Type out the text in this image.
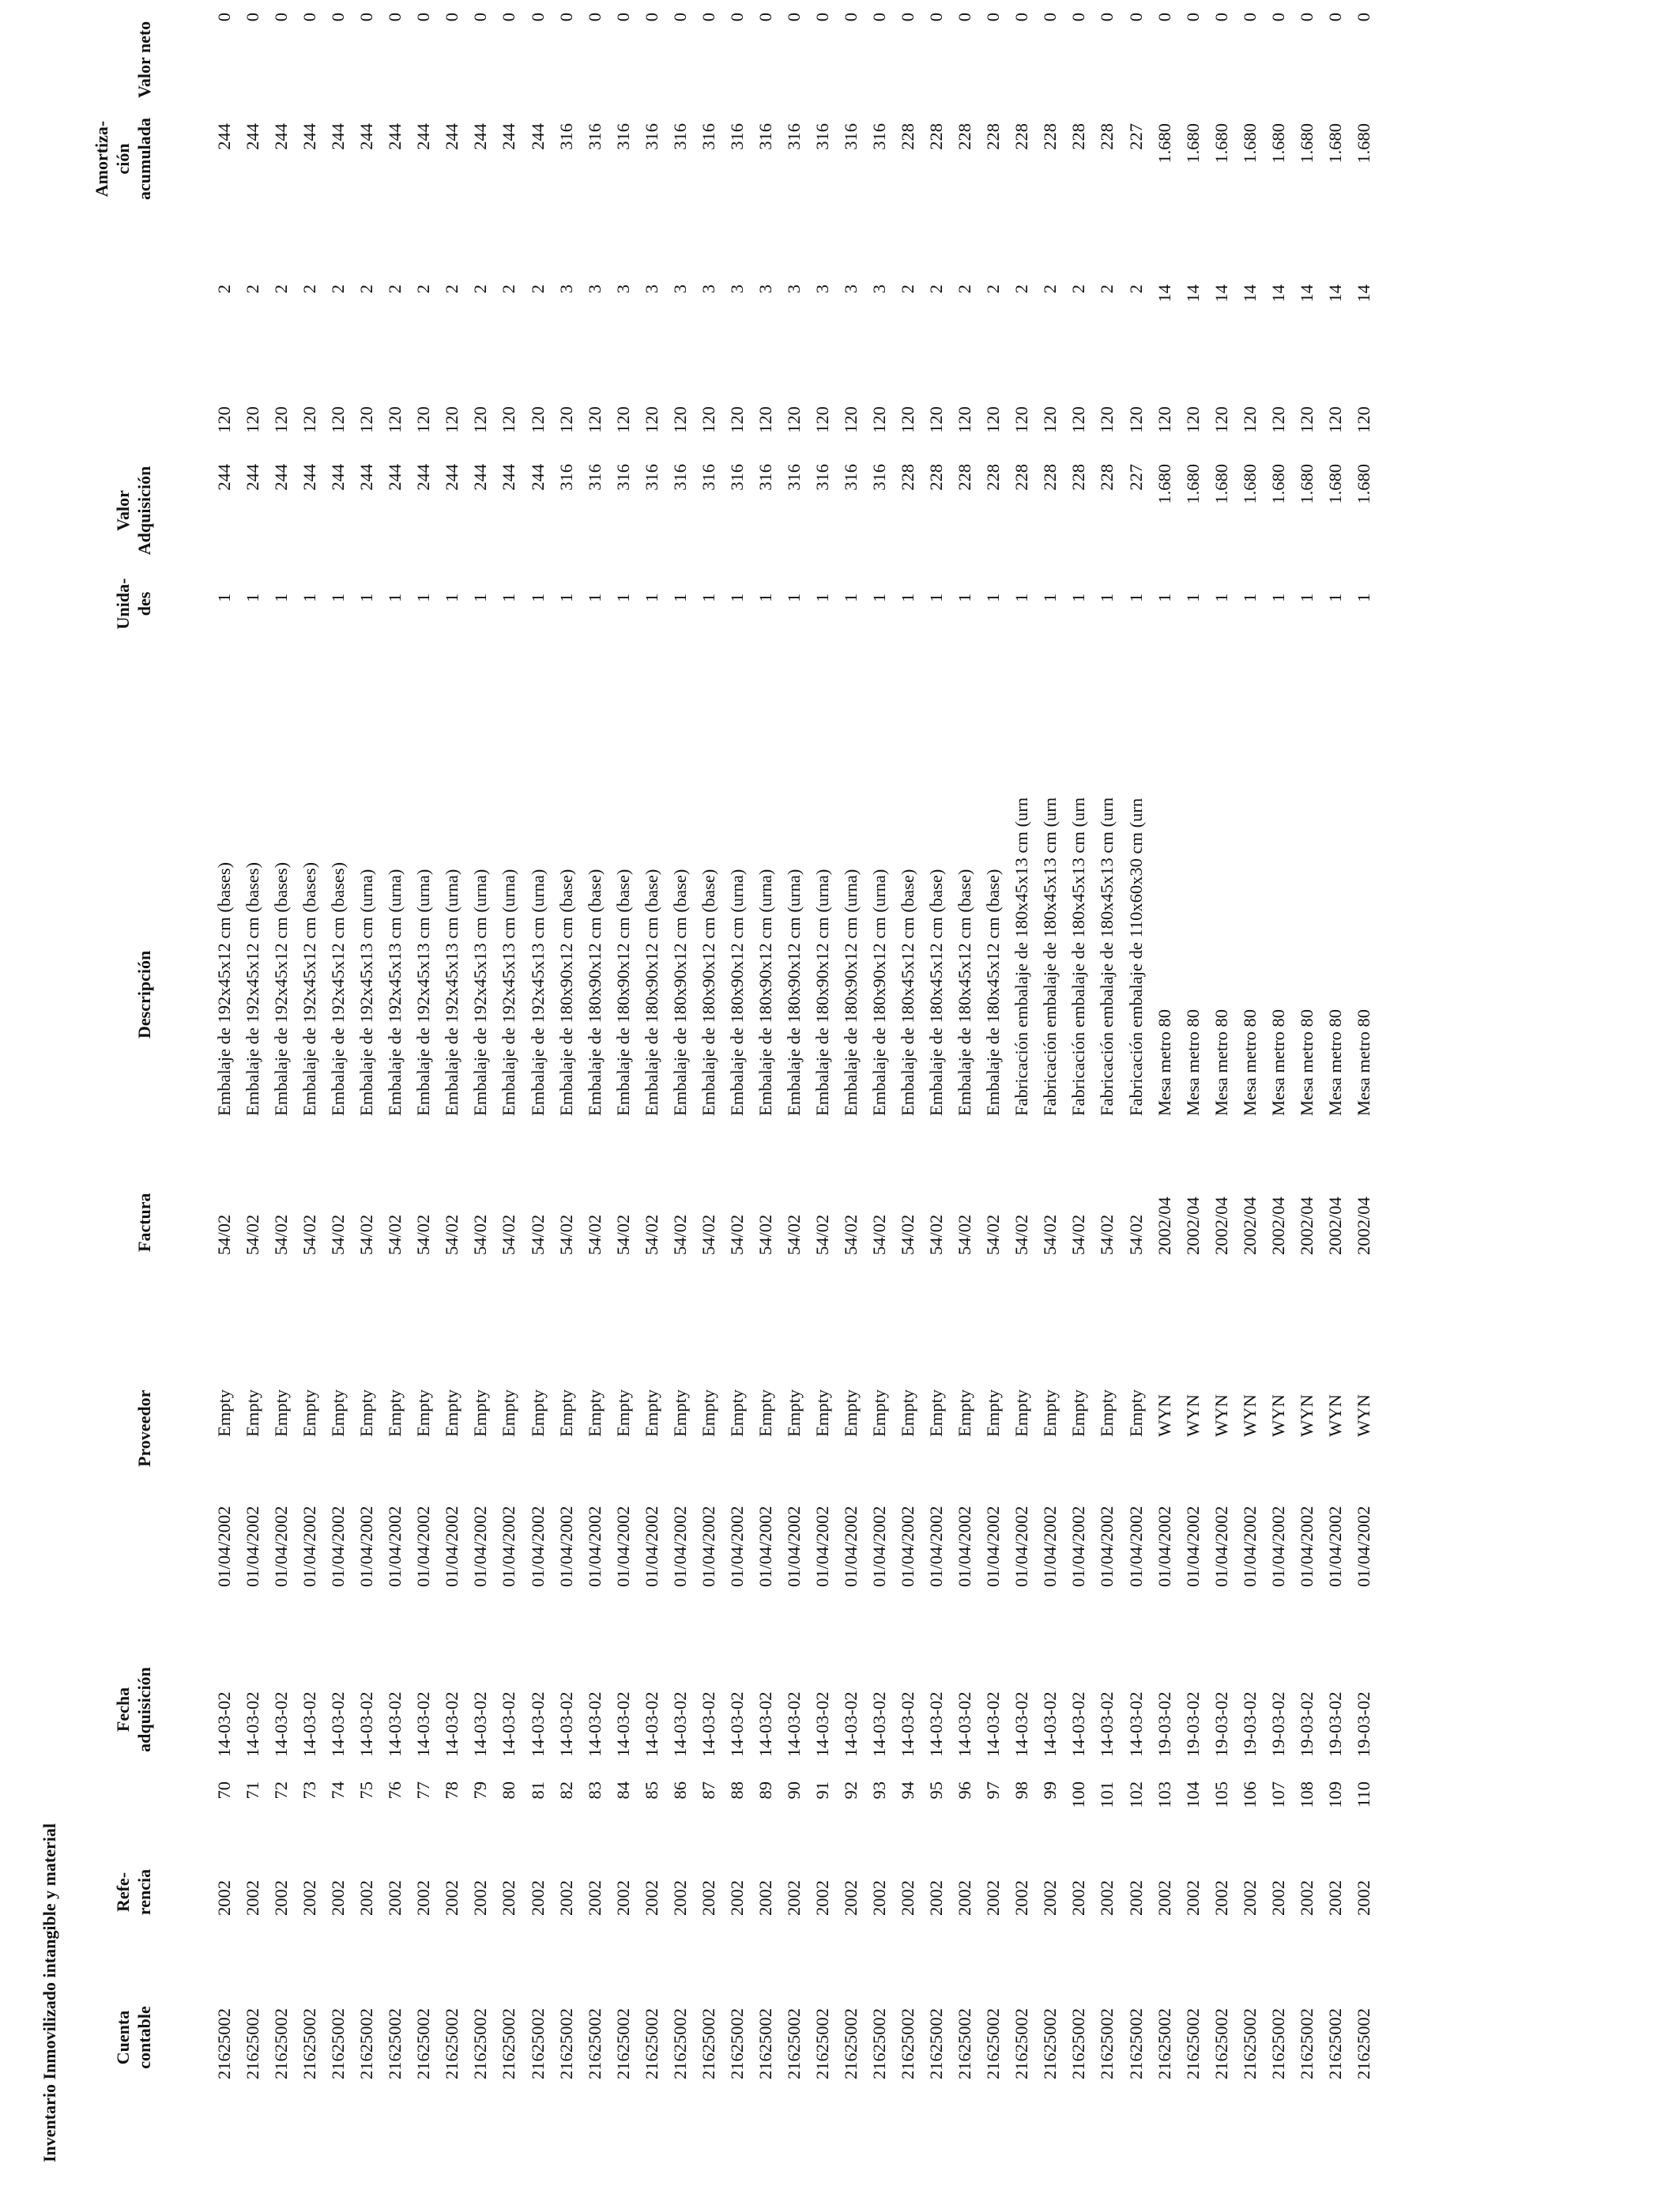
Inventario Inmovilizado intangible y material	Cuenta contable
Refe- rencia
Fecha adquisición
Proveedor
Factura
Descripción
Unida- des
Valor Adquisición
Amortiza- ción acumulada
Valor neto
21625002
2002
70
14-03-02
01/04/2002
Empty
54/02
Embalaje de 192x45x12 cm (bases)
1
244
120
2
244
0
21625002
2002
71
14-03-02
01/04/2002
Empty
54/02
Embalaje de 192x45x12 cm (bases)
1
244
120
2
244
0
21625002
2002
72
14-03-02
01/04/2002
Empty
54/02
Embalaje de 192x45x12 cm (bases)
1
244
120
2
244
0
21625002
2002
73
14-03-02
01/04/2002
Empty
54/02
Embalaje de 192x45x12 cm (bases)
1
244
120
2
244
0
21625002
2002
74
14-03-02
01/04/2002
Empty
54/02
Embalaje de 192x45x12 cm (bases)
1
244
120
2
244
0
21625002
2002
75
14-03-02
01/04/2002
Empty
54/02
Embalaje de 192x45x13 cm (urna)
1
244
120
2
244
0
21625002
2002
76
14-03-02
01/04/2002
Empty
54/02
Embalaje de 192x45x13 cm (urna)
1
244
120
2
244
0
21625002
2002
77
14-03-02
01/04/2002
Empty
54/02
Embalaje de 192x45x13 cm (urna)
1
244
120
2
244
0
21625002
2002
78
14-03-02
01/04/2002
Empty
54/02
Embalaje de 192x45x13 cm (urna)
1
244
120
2
244
0
21625002
2002
79
14-03-02
01/04/2002
Empty
54/02
Embalaje de 192x45x13 cm (urna)
1
244
120
2
244
0
21625002
2002
80
14-03-02
01/04/2002
Empty
54/02
Embalaje de 192x45x13 cm (urna)
1
244
120
2
244
0
21625002
2002
81
14-03-02
01/04/2002
Empty
54/02
Embalaje de 192x45x13 cm (urna)
1
244
120
2
244
0
21625002
2002
82
14-03-02
01/04/2002
Empty
54/02
Embalaje de 180x90x12 cm (base)
1
316
120
3
316
0
21625002
2002
83
14-03-02
01/04/2002
Empty
54/02
Embalaje de 180x90x12 cm (base)
1
316
120
3
316
0
21625002
2002
84
14-03-02
01/04/2002
Empty
54/02
Embalaje de 180x90x12 cm (base)
1
316
120
3
316
0
21625002
2002
85
14-03-02
01/04/2002
Empty
54/02
Embalaje de 180x90x12 cm (base)
1
316
120
3
316
0
21625002
2002
86
14-03-02
01/04/2002
Empty
54/02
Embalaje de 180x90x12 cm (base)
1
316
120
3
316
0
21625002
2002
87
14-03-02
01/04/2002
Empty
54/02
Embalaje de 180x90x12 cm (base)
1
316
120
3
316
0
21625002
2002
88
14-03-02
01/04/2002
Empty
54/02
Embalaje de 180x90x12 cm (urna)
1
316
120
3
316
0
21625002
2002
89
14-03-02
01/04/2002
Empty
54/02
Embalaje de 180x90x12 cm (urna)
1
316
120
3
316
0
21625002
2002
90
14-03-02
01/04/2002
Empty
54/02
Embalaje de 180x90x12 cm (urna)
1
316
120
3
316
0
21625002
2002
91
14-03-02
01/04/2002
Empty
54/02
Embalaje de 180x90x12 cm (urna)
1
316
120
3
316
0
21625002
2002
92
14-03-02
01/04/2002
Empty
54/02
Embalaje de 180x90x12 cm (urna)
1
316
120
3
316
0
21625002
2002
93
14-03-02
01/04/2002
Empty
54/02
Embalaje de 180x90x12 cm (urna)
1
316
120
3
316
0
21625002
2002
94
14-03-02
01/04/2002
Empty
54/02
Embalaje de 180x45x12 cm (base)
1
228
120
2
228
0
21625002
2002
95
14-03-02
01/04/2002
Empty
54/02
Embalaje de 180x45x12 cm (base)
1
228
120
2
228
0
21625002
2002
96
14-03-02
01/04/2002
Empty
54/02
Embalaje de 180x45x12 cm (base)
1
228
120
2
228
0
21625002
2002
97
14-03-02
01/04/2002
Empty
54/02
Embalaje de 180x45x12 cm (base)
1
228
120
2
228
0
21625002
2002
98
14-03-02
01/04/2002
Empty
54/02
Fabricación embalaje de 180x45x13 cm (urn
1
228
120
2
228
0
21625002
2002
99
14-03-02
01/04/2002
Empty
54/02
Fabricación embalaje de 180x45x13 cm (urn
1
228
120
2
228
0
21625002
2002
100
14-03-02
01/04/2002
Empty
54/02
Fabricación embalaje de 180x45x13 cm (urn
1
228
120
2
228
0
21625002
2002
101
14-03-02
01/04/2002
Empty
54/02
Fabricación embalaje de 180x45x13 cm (urn
1
228
120
2
228
0
21625002
2002
102
14-03-02
01/04/2002
Empty
54/02
Fabricación embalaje de 110x60x30 cm (urn
1
227
120
2
227
0
21625002
2002
103
19-03-02
01/04/2002
WYN
2002/04
Mesa metro 80
1
1.680
120
14
1.680
0
21625002
2002
104
19-03-02
01/04/2002
WYN
2002/04
Mesa metro 80
1
1.680
120
14
1.680
0
21625002
2002
105
19-03-02
01/04/2002
WYN
2002/04
Mesa metro 80
1
1.680
120
14
1.680
0
21625002
2002
106
19-03-02
01/04/2002
WYN
2002/04
Mesa metro 80
1
1.680
120
14
1.680
0
21625002
2002
107
19-03-02
01/04/2002
WYN
2002/04
Mesa metro 80
1
1.680
120
14
1.680
0
21625002
2002
108
19-03-02
01/04/2002
WYN
2002/04
Mesa metro 80
1
1.680
120
14
1.680
0
21625002
2002
109
19-03-02
01/04/2002
WYN
2002/04
Mesa metro 80
1
1.680
120
14
1.680
0
21625002
2002
110
19-03-02
01/04/2002
WYN
2002/04
Mesa metro 80
1
1.680
120
14
1.680
0
